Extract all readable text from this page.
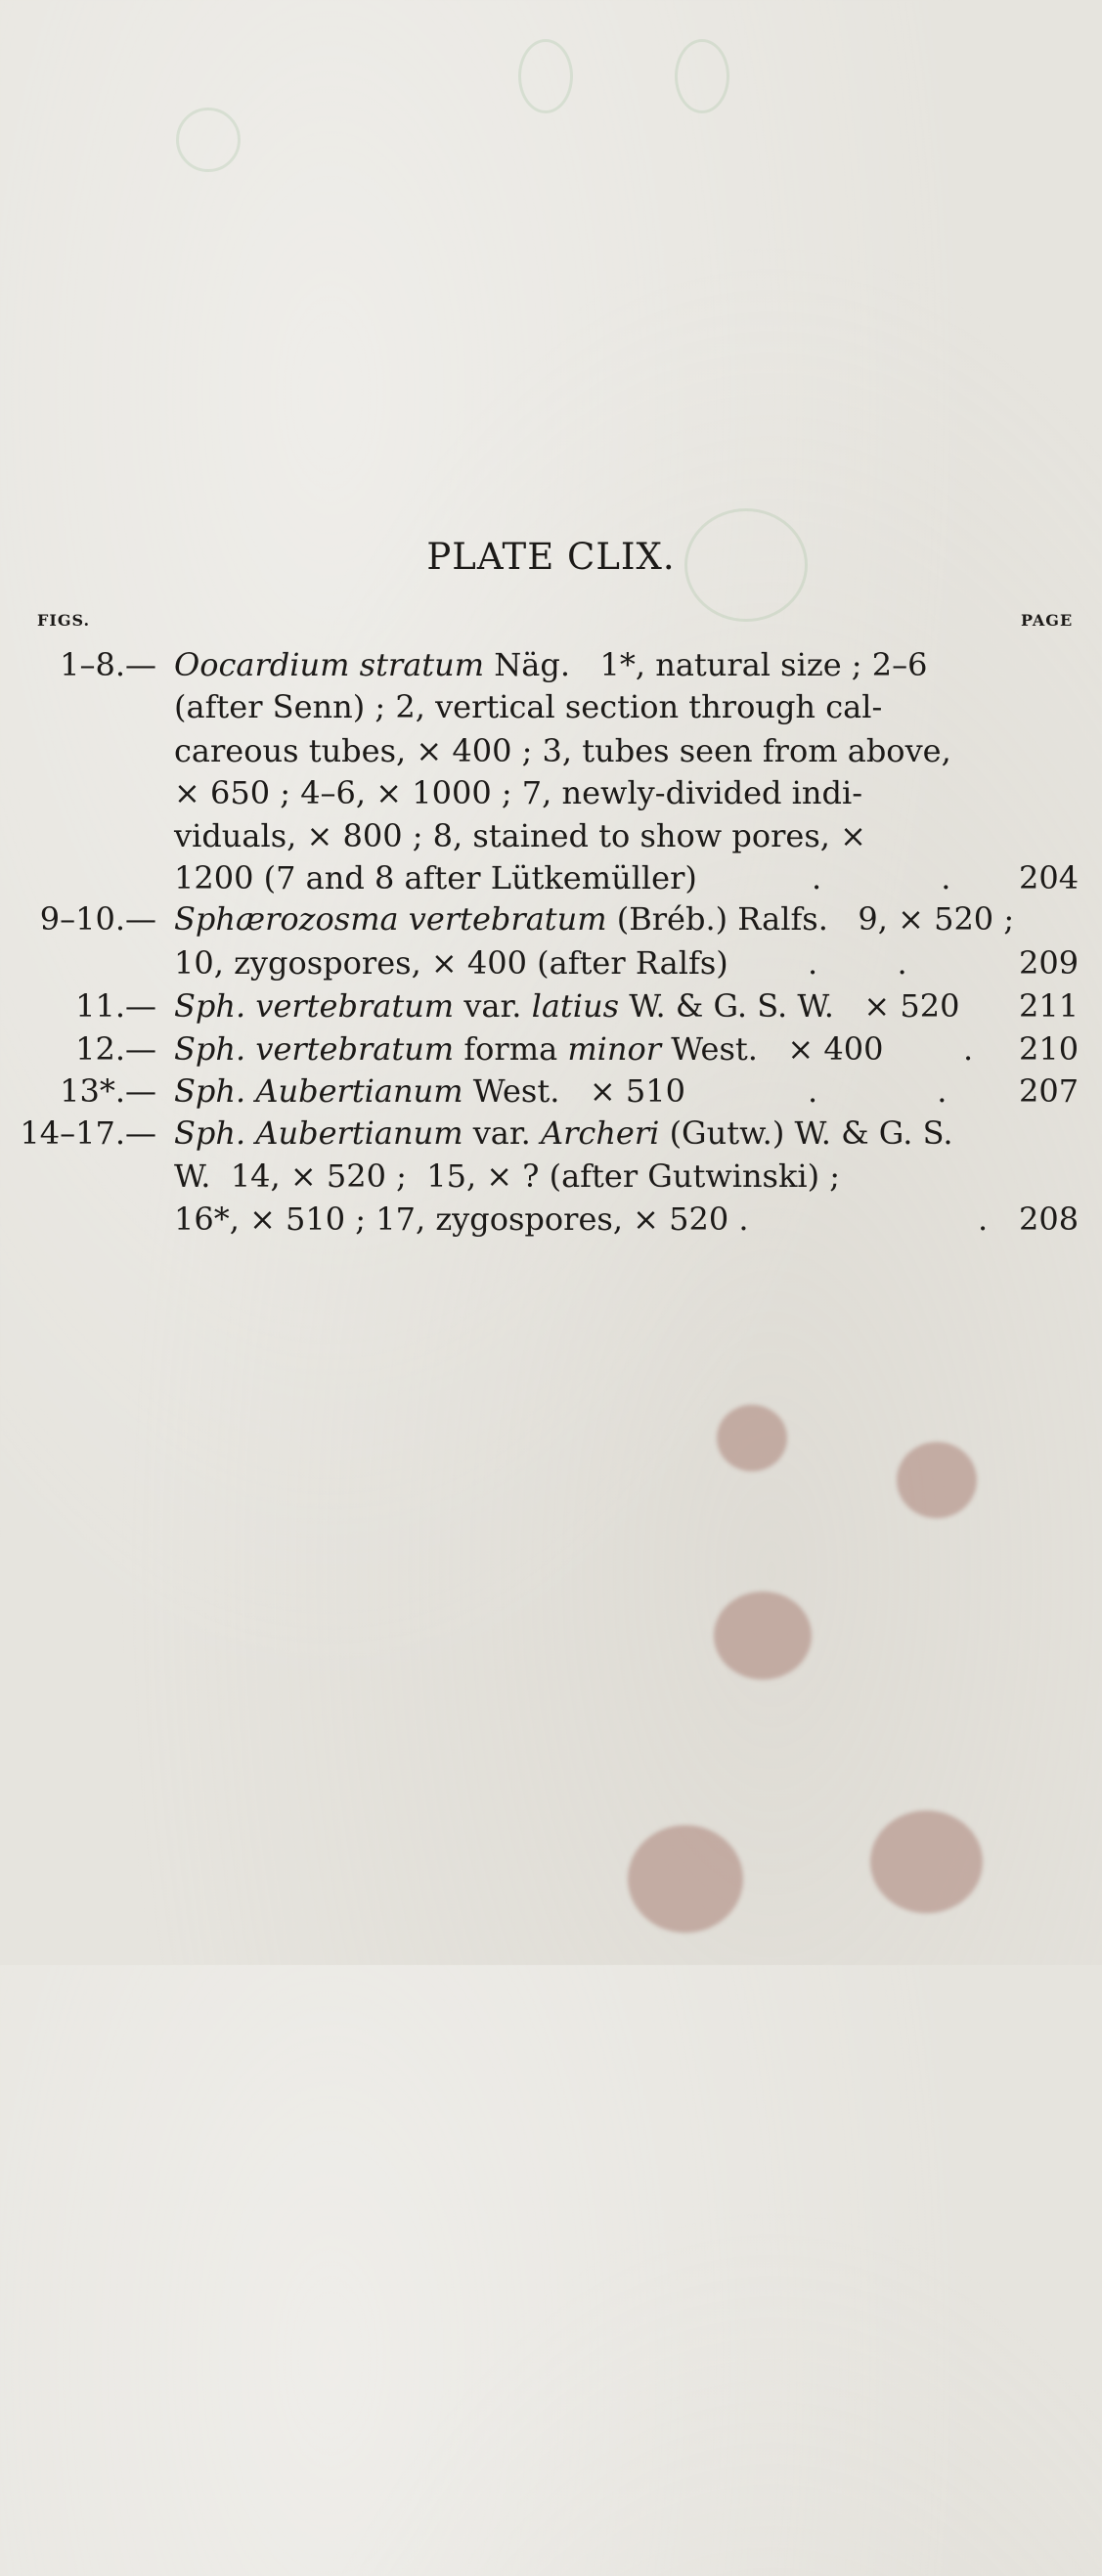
PLATE CLIX.
FIGS.	PAGE
1–8.— Oocardium stratum Näg.   1*, natural size ; 2–6
(after Senn) ; 2, vertical section through cal-
careous tubes, × 400 ; 3, tubes seen from above,
× 650 ; 4–6, × 1000 ; 7, newly-divided indi-
viduals, × 800 ; 8, stained to show pores, ×
1200 (7 and 8 after Lütkemüller)	.            . 204
9–10.— Sphærozosma vertebratum (Bréb.) Ralfs.   9, × 520 ;
10, zygospores, × 400 (after Ralfs)	.        .	209
11.— Sph. vertebratum var. latius W. & G. S. W.   × 520 211
12.— Sph. vertebratum forma minor West.   × 400	. 210
13*.— Sph. Aubertianum West.   × 510	.            . 207
14–17.— Sph. Aubertianum var. Archeri (Gutw.) W. & G. S.
W.  14, × 520 ;  15, × ? (after Gutwinski) ;
16*, × 510 ; 17, zygospores, × 520 .	. 208
